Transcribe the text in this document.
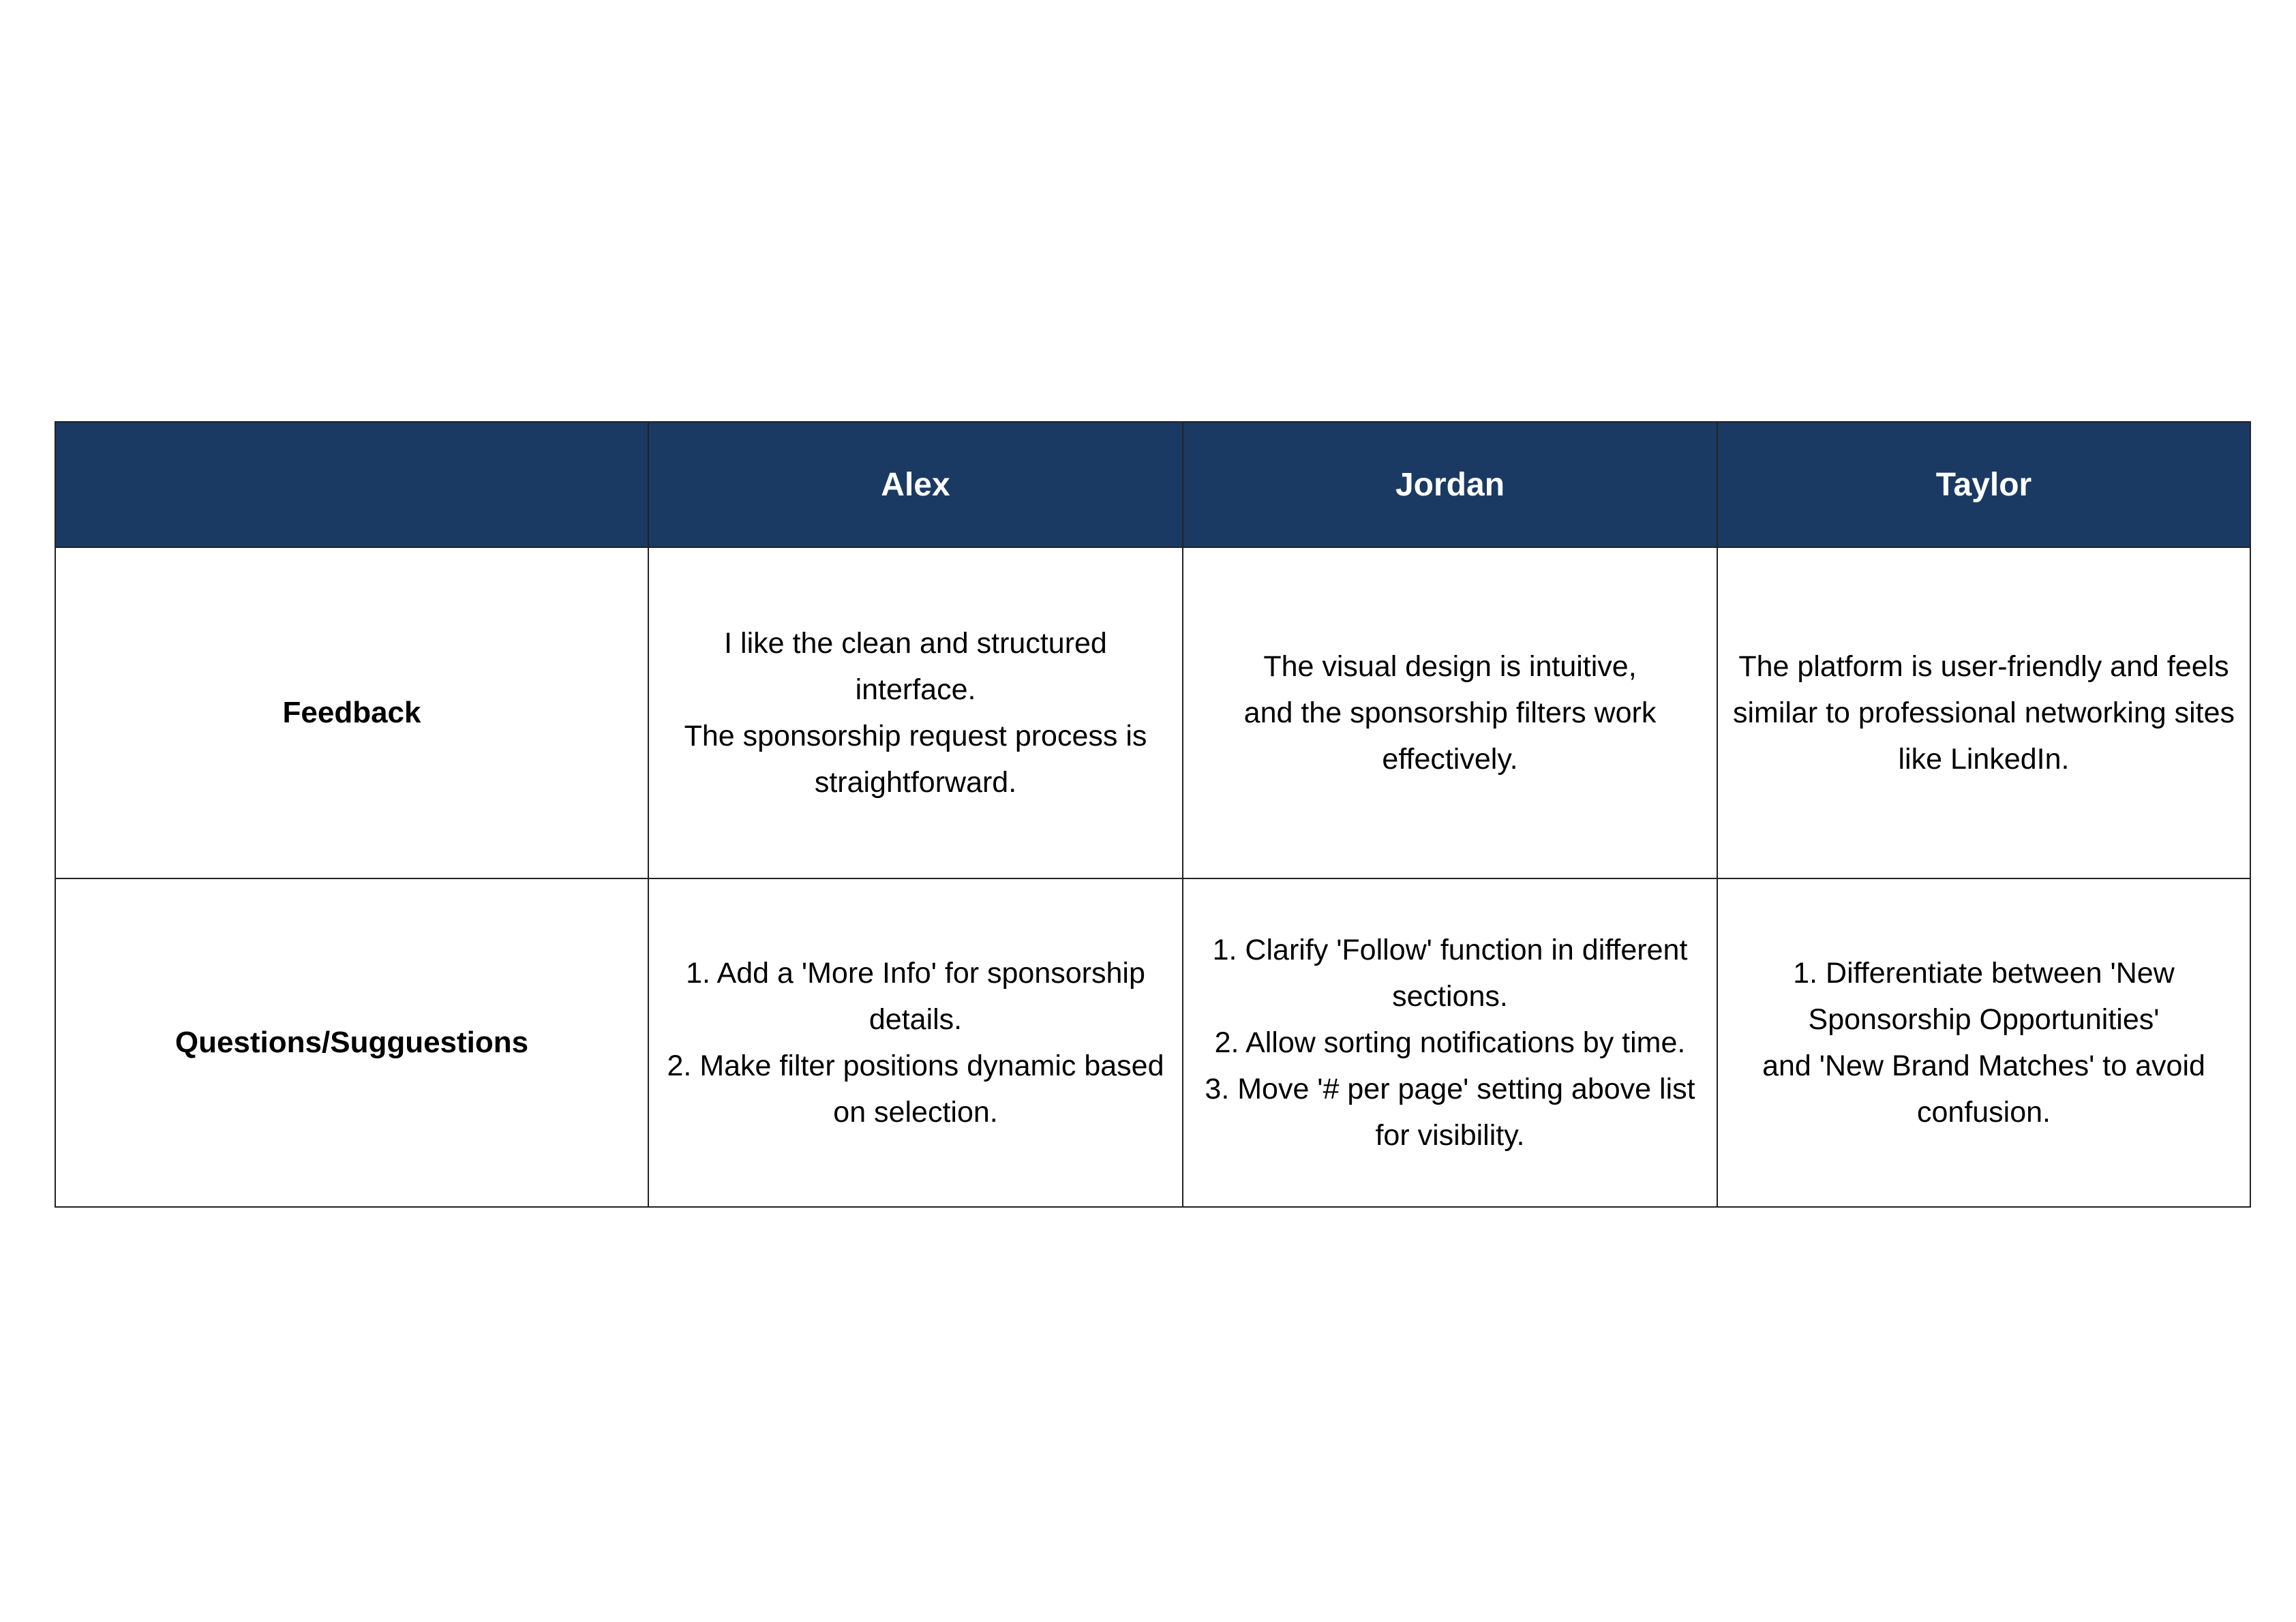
	Alex	Jordan	Taylor
Feedback	I like the clean and structured
interface.
The sponsorship request process is
straightforward.	The visual design is intuitive,
and the sponsorship filters work
effectively.	The platform is user-friendly and feels
similar to professional networking sites
like LinkedIn.

Questions/Sugguestions	1. Add a 'More Info' for sponsorship
details.
2. Make filter positions dynamic based
on selection.	1. Clarify 'Follow' function in different
sections.
2. Allow sorting notifications by time.
3. Move '# per page' setting above list
for visibility.	1. Differentiate between 'New
Sponsorship Opportunities'
and 'New Brand Matches' to avoid
confusion.
